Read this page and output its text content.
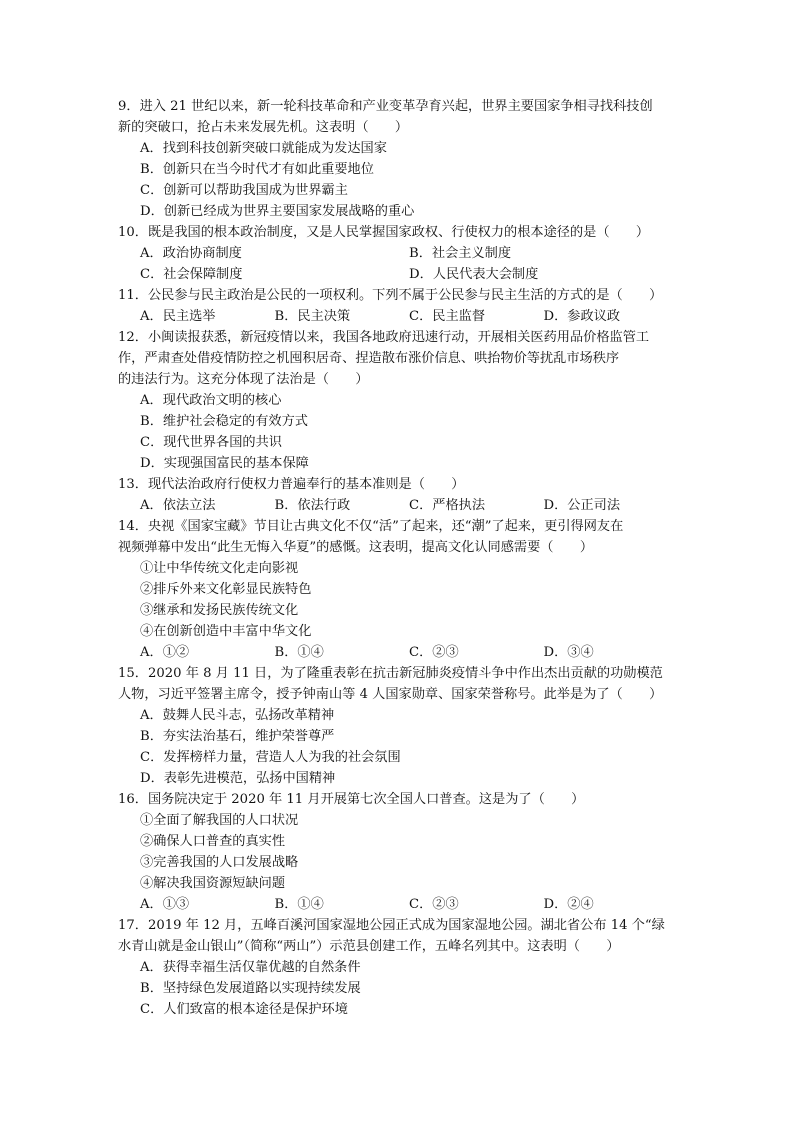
9．进入 21 世纪以来，新一轮科技革命和产业变革孕育兴起，世界主要国家争相寻找科技创
新的突破口，抢占未来发展先机。这表明（　　）
A．找到科技创新突破口就能成为发达国家
B．创新只在当今时代才有如此重要地位
C．创新可以帮助我国成为世界霸主
D．创新已经成为世界主要国家发展战略的重心
10．既是我国的根本政治制度，又是人民掌握国家政权、行使权力的根本途径的是（　　）
A．政治协商制度	B．社会主义制度
C．社会保障制度	D．人民代表大会制度
11．公民参与民主政治是公民的一项权利。下列不属于公民参与民主生活的方式的是（　　）
A．民主选举	B．民主决策	C．民主监督	D．参政议政
12．小闽读报获悉，新冠疫情以来，我国各地政府迅速行动，开展相关医药用品价格监管工
作，严肃查处借疫情防控之机囤积居奇、捏造散布涨价信息、哄抬物价等扰乱市场秩序
的违法行为。这充分体现了法治是（　　）
A．现代政治文明的核心
B．维护社会稳定的有效方式
C．现代世界各国的共识
D．实现强国富民的基本保障
13．现代法治政府行使权力普遍奉行的基本准则是（　　）
A．依法立法	B．依法行政	C．严格执法	D．公正司法
14．央视《国家宝藏》节目让古典文化不仅“活”了起来，还“潮”了起来，更引得网友在
视频弹幕中发出“此生无悔入华夏”的感慨。这表明，提高文化认同感需要（　　）
①让中华传统文化走向影视
②排斥外来文化彰显民族特色
③继承和发扬民族传统文化
④在创新创造中丰富中华文化
A．①②	B．①④	C．②③	D．③④
15．2020 年 8 月 11 日，为了隆重表彰在抗击新冠肺炎疫情斗争中作出杰出贡献的功勋模范
人物，习近平签署主席令，授予钟南山等 4 人国家勋章、国家荣誉称号。此举是为了（　　）
A．鼓舞人民斗志，弘扬改革精神
B．夯实法治基石，维护荣誉尊严
C．发挥榜样力量，营造人人为我的社会氛围
D．表彰先进模范，弘扬中国精神
16．国务院决定于 2020 年 11 月开展第七次全国人口普查。这是为了（　　）
①全面了解我国的人口状况
②确保人口普查的真实性
③完善我国的人口发展战略
④解决我国资源短缺问题
A．①③	B．①④	C．②③	D．②④
17．2019 年 12 月，五峰百溪河国家湿地公园正式成为国家湿地公园。湖北省公布 14 个“绿
水青山就是金山银山”（简称“两山”）示范县创建工作，五峰名列其中。这表明（　　）
A．获得幸福生活仅靠优越的自然条件
B．坚持绿色发展道路以实现持续发展
C．人们致富的根本途径是保护环境
